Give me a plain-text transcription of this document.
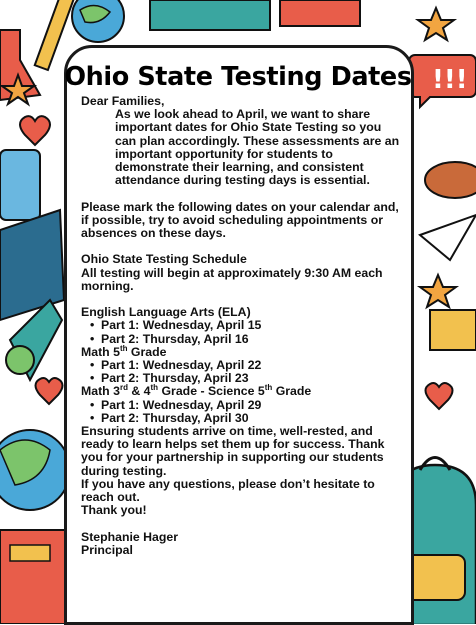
!!!
Ohio State Testing Dates

Dear Families,

As we look ahead to April, we want to share important dates for Ohio State Testing so you can plan accordingly. These assessments are an important opportunity for students to demonstrate their learning, and consistent attendance during testing days is essential.

Please mark the following dates on your calendar and, if possible, try to avoid scheduling appointments or absences on these days.

Ohio State Testing Schedule

All testing will begin at approximately 9:30 AM each morning.

English Language Arts (ELA)

• Part 1: Wednesday, April 15
• Part 2: Thursday, April 16

Math 5th Grade

• Part 1: Wednesday, April 22
• Part 2: Thursday, April 23

Math 3rd & 4th Grade - Science 5th Grade

• Part 1: Wednesday, April 29
• Part 2: Thursday, April 30

Ensuring students arrive on time, well-rested, and ready to learn helps set them up for success. Thank you for your partnership in supporting our students during testing.

If you have any questions, please don’t hesitate to reach out.

Thank you!

Stephanie Hager

Principal
